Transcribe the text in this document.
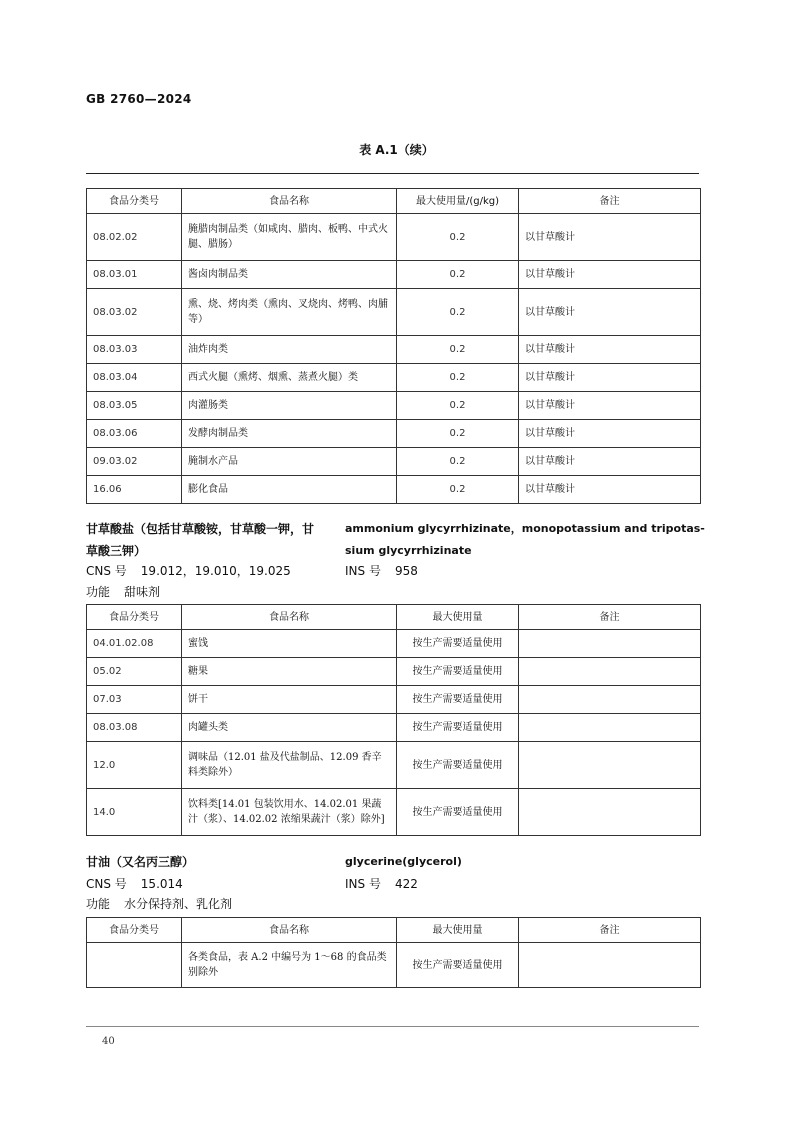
GB 2760—2024
表 A.1（续）
食品分类号	食品名称	最大使用量/(g/kg)	备注
08.02.02	腌腊肉制品类（如咸肉、腊肉、板鸭、中式火腿、腊肠）	0.2	以甘草酸计
08.03.01	酱卤肉制品类	0.2	以甘草酸计
08.03.02	熏、烧、烤肉类（熏肉、叉烧肉、烤鸭、肉脯等）	0.2	以甘草酸计
08.03.03	油炸肉类	0.2	以甘草酸计
08.03.04	西式火腿（熏烤、烟熏、蒸煮火腿）类	0.2	以甘草酸计
08.03.05	肉灌肠类	0.2	以甘草酸计
08.03.06	发酵肉制品类	0.2	以甘草酸计
09.03.02	腌制水产品	0.2	以甘草酸计
16.06	膨化食品	0.2	以甘草酸计
甘草酸盐（包括甘草酸铵，甘草酸一钾，甘
草酸三钾）
ammonium glycyrrhizinate，monopotassium and tripotas-
sium glycyrrhizinate
CNS 号 19.012，19.010，19.025	INS 号 958
功能 甜味剂
食品分类号	食品名称	最大使用量	备注
04.01.02.08	蜜饯	按生产需要适量使用	
05.02	糖果	按生产需要适量使用	
07.03	饼干	按生产需要适量使用	
08.03.08	肉罐头类	按生产需要适量使用	
12.0	调味品（12.01 盐及代盐制品、12.09 香辛料类除外）	按生产需要适量使用	
14.0	饮料类[14.01 包装饮用水、14.02.01 果蔬汁（浆）、14.02.02 浓缩果蔬汁（浆）除外]	按生产需要适量使用	
甘油（又名丙三醇）	glycerine(glycerol)
CNS 号 15.014	INS 号 422
功能 水分保持剂、乳化剂
食品分类号	食品名称	最大使用量	备注
	各类食品，表 A.2 中编号为 1～68 的食品类别除外	按生产需要适量使用	
40
